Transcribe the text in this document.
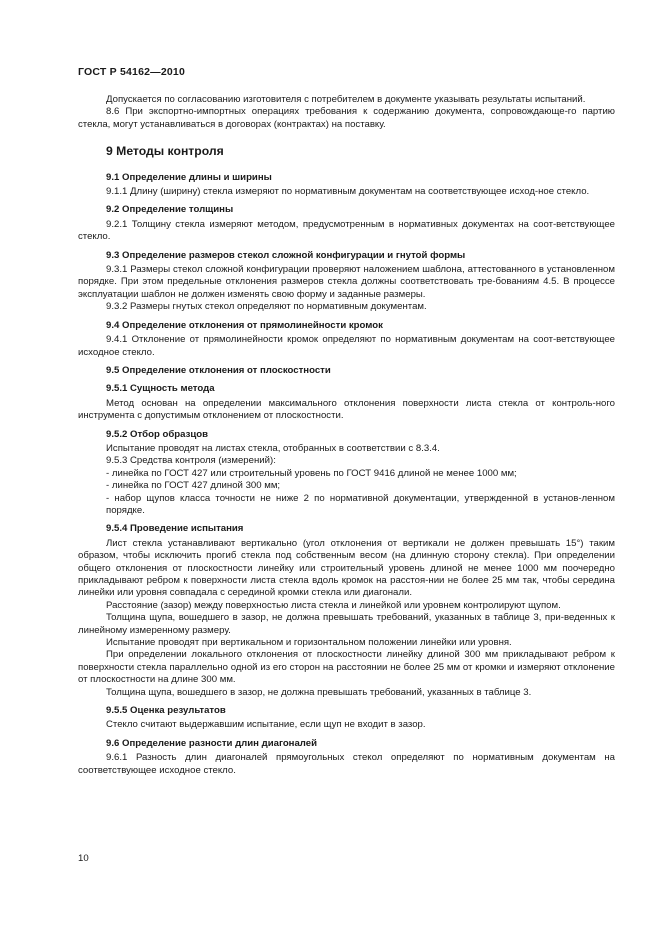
ГОСТ Р 54162—2010

Допускается по согласованию изготовителя с потребителем в документе указывать результаты испытаний.

8.6 При экспортно-импортных операциях требования к содержанию документа, сопровождающе-го партию стекла, могут устанавливаться в договорах (контрактах) на поставку.

9 Методы контроля
9.1 Определение длины и ширины

9.1.1 Длину (ширину) стекла измеряют по нормативным документам на соответствующее исход-ное стекло.

9.2 Определение толщины

9.2.1 Толщину стекла измеряют методом, предусмотренным в нормативных документах на соот-ветствующее стекло.

9.3 Определение размеров стекол сложной конфигурации и гнутой формы

9.3.1 Размеры стекол сложной конфигурации проверяют наложением шаблона, аттестованного в установленном порядке. При этом предельные отклонения размеров стекла должны соответствовать тре-бованиям 4.5. В процессе эксплуатации шаблон не должен изменять свою форму и заданные размеры.

9.3.2 Размеры гнутых стекол определяют по нормативным документам.

9.4 Определение отклонения от прямолинейности кромок

9.4.1 Отклонение от прямолинейности кромок определяют по нормативным документам на соот-ветствующее исходное стекло.

9.5 Определение отклонения от плоскостности
9.5.1 Сущность метода

Метод основан на определении максимального отклонения поверхности листа стекла от контроль-ного инструмента с допустимым отклонением от плоскостности.

9.5.2 Отбор образцов

Испытание проводят на листах стекла, отобранных в соответствии с 8.3.4.

9.5.3 Средства контроля (измерений):

- линейка по ГОСТ 427 или строительный уровень по ГОСТ 9416 длиной не менее 1000 мм;

- линейка по ГОСТ 427 длиной 300 мм;

- набор щупов класса точности не ниже 2 по нормативной документации, утвержденной в установ-ленном порядке.

9.5.4 Проведение испытания

Лист стекла устанавливают вертикально (угол отклонения от вертикали не должен превышать 15°) таким образом, чтобы исключить прогиб стекла под собственным весом (на длинную сторону стекла). При определении общего отклонения от плоскостности линейку или строительный уровень длиной не менее 1000 мм поочередно прикладывают ребром к поверхности листа стекла вдоль кромок на расстоя-нии не более 25 мм так, чтобы середина линейки или уровня совпадала с серединой кромки стекла или диагонали.

Расстояние (зазор) между поверхностью листа стекла и линейкой или уровнем контролируют щупом.

Толщина щупа, вошедшего в зазор, не должна превышать требований, указанных в таблице 3, при-веденных к линейному измеренному размеру.

Испытание проводят при вертикальном и горизонтальном положении линейки или уровня.

При определении локального отклонения от плоскостности линейку длиной 300 мм прикладывают ребром к поверхности стекла параллельно одной из его сторон на расстоянии не более 25 мм от кромки и измеряют отклонение от плоскостности на длине 300 мм.

Толщина щупа, вошедшего в зазор, не должна превышать требований, указанных в таблице 3.

9.5.5 Оценка результатов

Стекло считают выдержавшим испытание, если щуп не входит в зазор.

9.6 Определение разности длин диагоналей

9.6.1 Разность длин диагоналей прямоугольных стекол определяют по нормативным документам на соответствующее исходное стекло.

10
